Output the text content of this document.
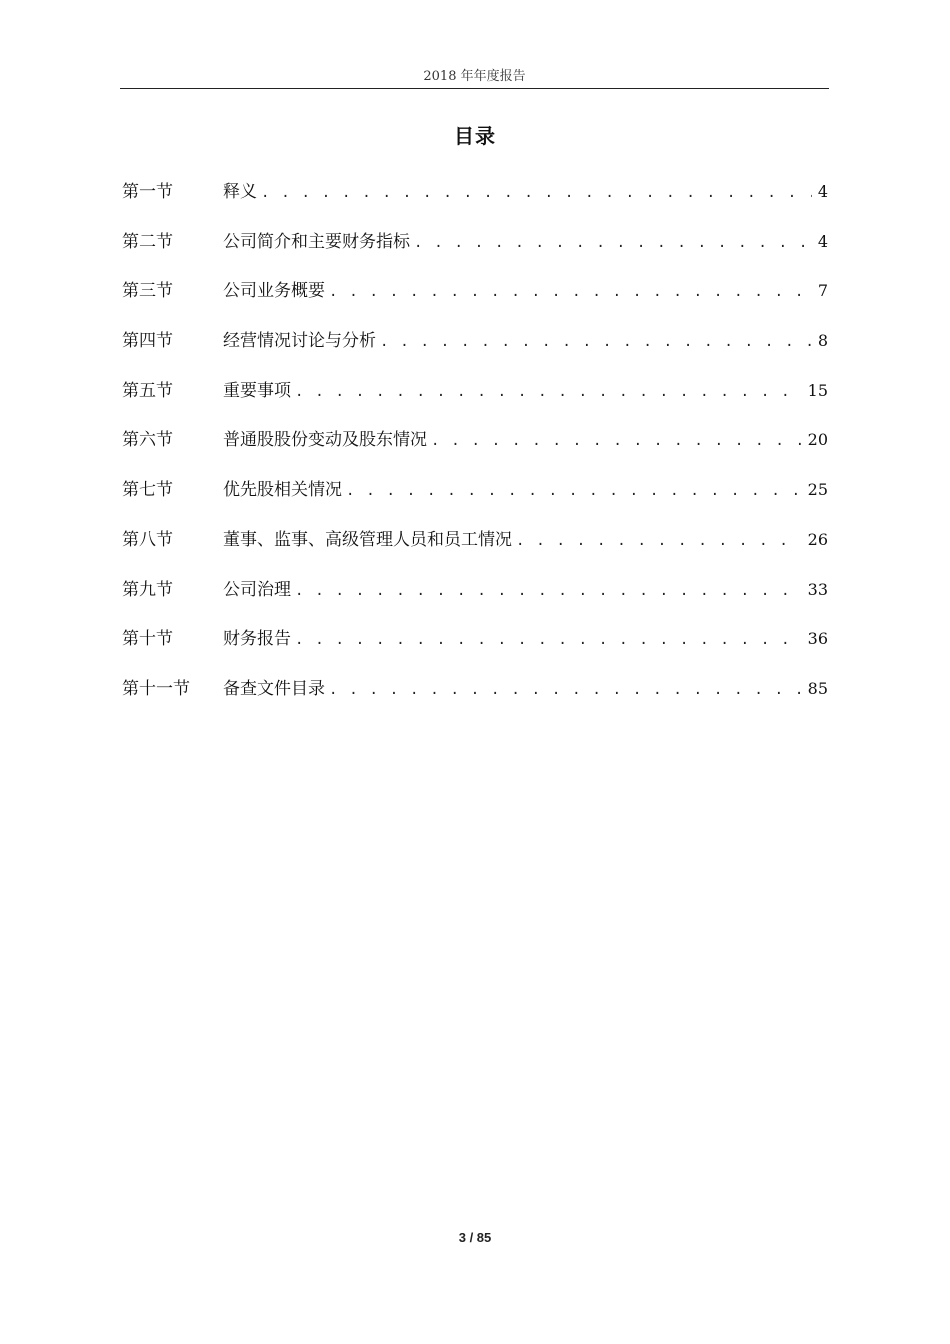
2018 年年度报告
目录
第一节	释义 . . .	4
第二节	公司简介和主要财务指标 . . .	4
第三节	公司业务概要 . . .	7
第四节	经营情况讨论与分析 . . .	8
第五节	重要事项 . . .	15
第六节	普通股股份变动及股东情况 . . .	20
第七节	优先股相关情况 . . .	25
第八节	董事、监事、高级管理人员和员工情况 . . .	26
第九节	公司治理 . . .	33
第十节	财务报告 . . .	36
第十一节	备查文件目录 . . .	85
3 / 85
